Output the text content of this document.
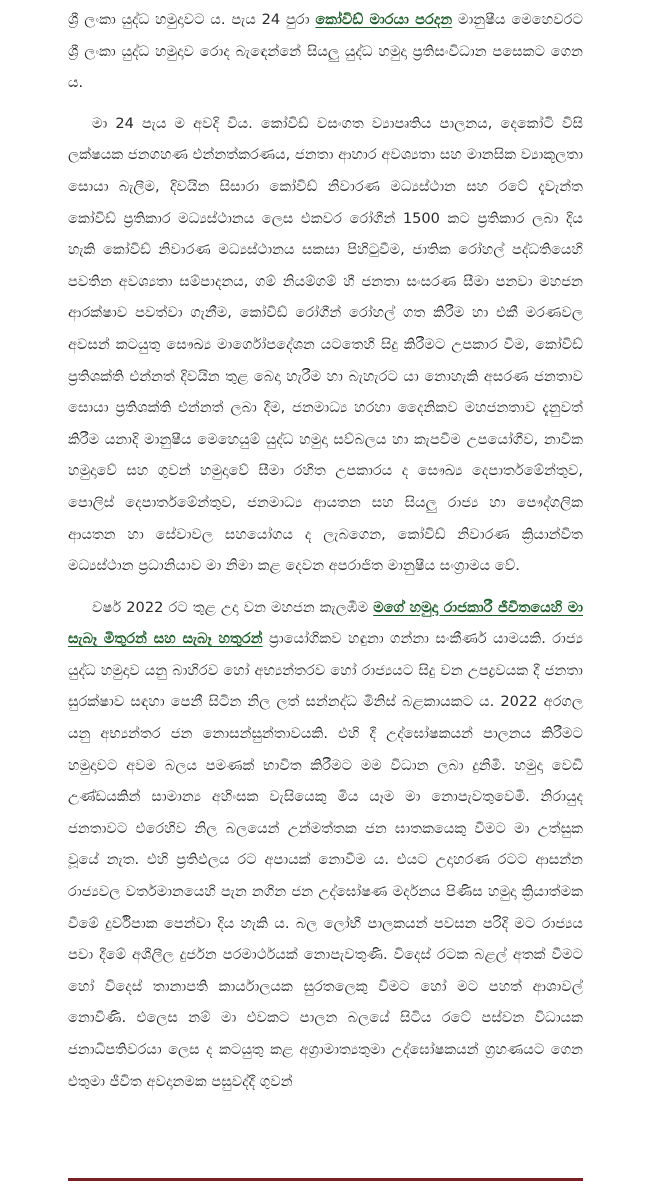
ශ්‍රී ලංකා යුද්ධ හමුදාවට ය. පැය 24 පුරා කෝවිඩ් මාරයා පරදන මානුෂීය මෙහෙවරට ශ්‍රී ලංකා යුද්ධ හමුදාව රොද බැඳෙන්නේ සියලු යුද්ධ හමුදා ප්‍රතිසංවිධාන පසෙකට ගෙන ය.

මා 24 පැය ම අවදි විය. කෝවිඩ් වසංගත ව්‍යාපෘතිය පාලනය, දෙකෝටි විසි ලක්ෂයක ජනගහණ එන්නත්කරණය, ජනතා ආහාර අවශ්‍යතා සහ මානසික ව්‍යාකූලතා සොයා බැලීම, දිවයින සිසාරා කෝවිඩ් නිවාරණ මධ්‍යස්ථාන සහ රටේ දැවැන්ත කෝවිඩ් ප්‍රතිකාර මධ්‍යස්ථානය ලෙස එකවර රෝගීන් 1500 කට ප්‍රතිකාර ලබා දිය හැකි කෝවිඩ් නිවාරණ මධ්‍යස්ථානය සකසා පිහිටුවීම, ජාතික රෝහල් පද්ධතියෙහි පවතින අවශ්‍යතා සම්පාදනය, ගම් නියම්ගම් හී ජනතා සංසරණ සීමා පනවා මහජන ආරක්ෂාව පවත්වා ගැනීම, කෝවිඩ් රෝගීන් රෝහල් ගත කිරීම හා එකී මරණවල අවසන් කටයුතු සෞඛ්‍ය මාර්ගෝපදේශන යටතෙහි සිදු කිරීමට උපකාර වීම, කෝවිඩ් ප්‍රතිශක්ති එන්නත් දිවයින තුළ බෙදා හැරීම හා බැහැරට යා නොහැකි අසරණ ජනතාව සොයා ප්‍රතිශක්ති එන්නත් ලබා දීම, ජනමාධ්‍ය හරහා දෛනිකව මහජනතාව දැනුවත් කිරීම යනාදි මානුෂීය මෙහෙයුම් යුද්ධ හමුදා සව්බලය හා කැපවීම උපයෝගීව, නාවික හමුදාවේ සහ ගුවන් හමුදාවේ සීමා රහිත උපකාරය ද සෞඛ්‍ය දෙපාර්තමේන්තුව, පොලිස් දෙපාර්තමේන්තුව, ජනමාධ්‍ය ආයතන සහ සියලු රාජ්‍ය හා පෞද්ගලික ආයතන හා සේවාවල සහයෝගය ද ලැබගෙන, කෝවිඩ් නිවාරණ ක්‍රියාන්විත මධ්‍යස්ථාන ප්‍රධානියාව මා නිමා කළ දෙවන අපරාජිත මානුෂීය සංග්‍රාමය වේ.

වර්ෂ 2022 රට තුළ උදා වන මහජන කැලඹීම මගේ හමුදා රාජකාරී ජීවිතයෙහි මා සැබෑ මිතුරන් සහ සැබෑ හතුරන් ප්‍රායෝගිකව හඳුනා ගන්නා සංකීර්ණ යාමයකි. රාජ්‍ය යුද්ධ හමුදාව යනු බාහිරව හෝ අභ්‍යන්තරව හෝ රාජ්‍යයට සිදු වන උපද්‍රවයක දී ජනතා සුරක්ෂාව සඳහා පෙනී සිටින නිල ලත් සන්නද්ධ මිනිස් බළකායකට ය. 2022 අරගල යනු අභ්‍යන්තර ජන නොසන්සුන්තාවයකි. එහි දී උද්ඝෝෂකයන් පාලනය කිරීමට හමුදාවට අවම බලය පමණක් භාවිත කිරීමට මම විධාන ලබා දුනිමි. හමුදා වෙඩි උණ්ඩයකින් සාමාන්‍ය අහිංසක වැසියෙකු මිය යෑම මා නොපැවතුවෙමි. නිරායුද ජනතාවට එරෙහිව නිල බලයෙන් උන්මත්තක ජන ඝාතකයෙකු වීමට මා උත්සුක වූයේ නැත. එහි ප්‍රතිඵලය රට අපායක් නොවීම ය. එයට උදාහරණ රටට ආසන්න රාජ්‍යවල වර්තමානයෙහි පැන නගින ජන උද්ඝෝෂණ මර්දනය පිණිස හමුදා ක්‍රියාත්මක වීමේ දුර්විපාක පෙන්වා දිය හැකි ය. බල ලෝභී පාලකයන් පවසන පරිදි මට රාජ්‍යය පවා දීමේ අශීලීල දුර්ජන පරමාර්ථයක් නොපැවතුණි. විදෙස් රටක බළල් අතක් වීමට හෝ විදෙස් තානාපති කාර්යාලයක සුරතලෙකු වීමට හෝ මට පහත් ආශාවල් නොවිණි. එලෙස නම් මා එවකට පාලන බලයේ සිටිය රටේ පස්වන විධායක ජනාධිපතිවරයා ලෙස ද කටයුතු කළ අග්‍රාමාත්‍යතුමා උද්ඝෝෂකයන් ග්‍රහණයට ගෙන එතුමා ජීවිත අවදානමක පසුවද්දී ගුවන්
